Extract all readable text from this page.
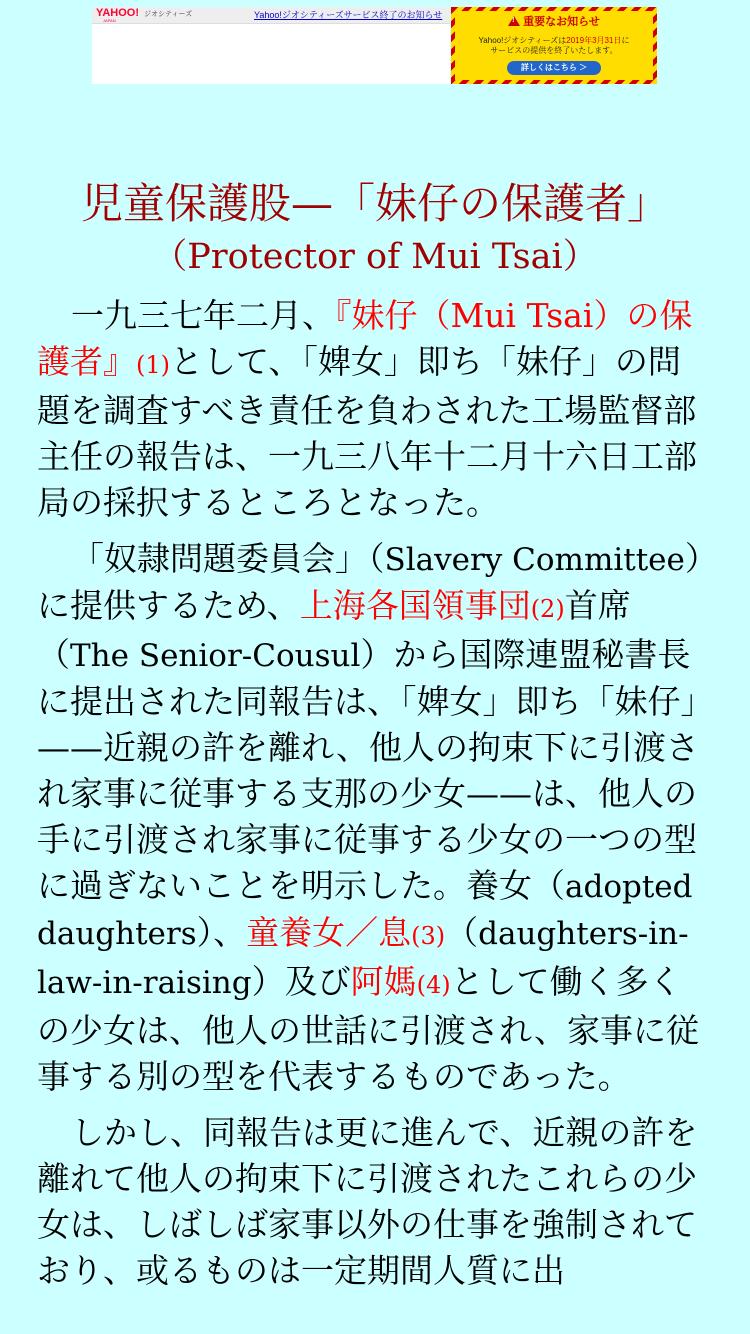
YAHOO!
JAPAN
ジオシティーズ	Yahoo!ジオシティーズサービス終了のお知らせ
!重要なお知らせ
Yahoo!ジオシティーズは2019年3月31日に
サービスの提供を終了いたします。
詳しくはこちら ＞
児童保護股—「妹仔の保護者」
（Protector of Mui Tsai）

一九三七年二月、『妹仔（Mui Tsai）の保護者』(1)として、「婢女」即ち「妹仔」の問題を調査すべき責任を負わされた工場監督部主任の報告は、一九三八年十二月十六日工部局の採択するところとなった。

「奴隷問題委員会」（Slavery Committee）に提供するため、上海各国領事団(2)首席（The Senior-Cousul）から国際連盟秘書長に提出された同報告は、「婢女」即ち「妹仔」——近親の許を離れ、他人の拘束下に引渡され家事に従事する支那の少女——は、他人の手に引渡され家事に従事する少女の一つの型に過ぎないことを明示した。養女（adopted daughters）、童養女／息(3)（daughters-in-law-in-raising）及び阿媽(4)として働く多くの少女は、他人の世話に引渡され、家事に従事する別の型を代表するものであった。

しかし、同報告は更に進んで、近親の許を離れて他人の拘束下に引渡されたこれらの少女は、しばしば家事以外の仕事を強制されており、或るものは一定期間人質に出
